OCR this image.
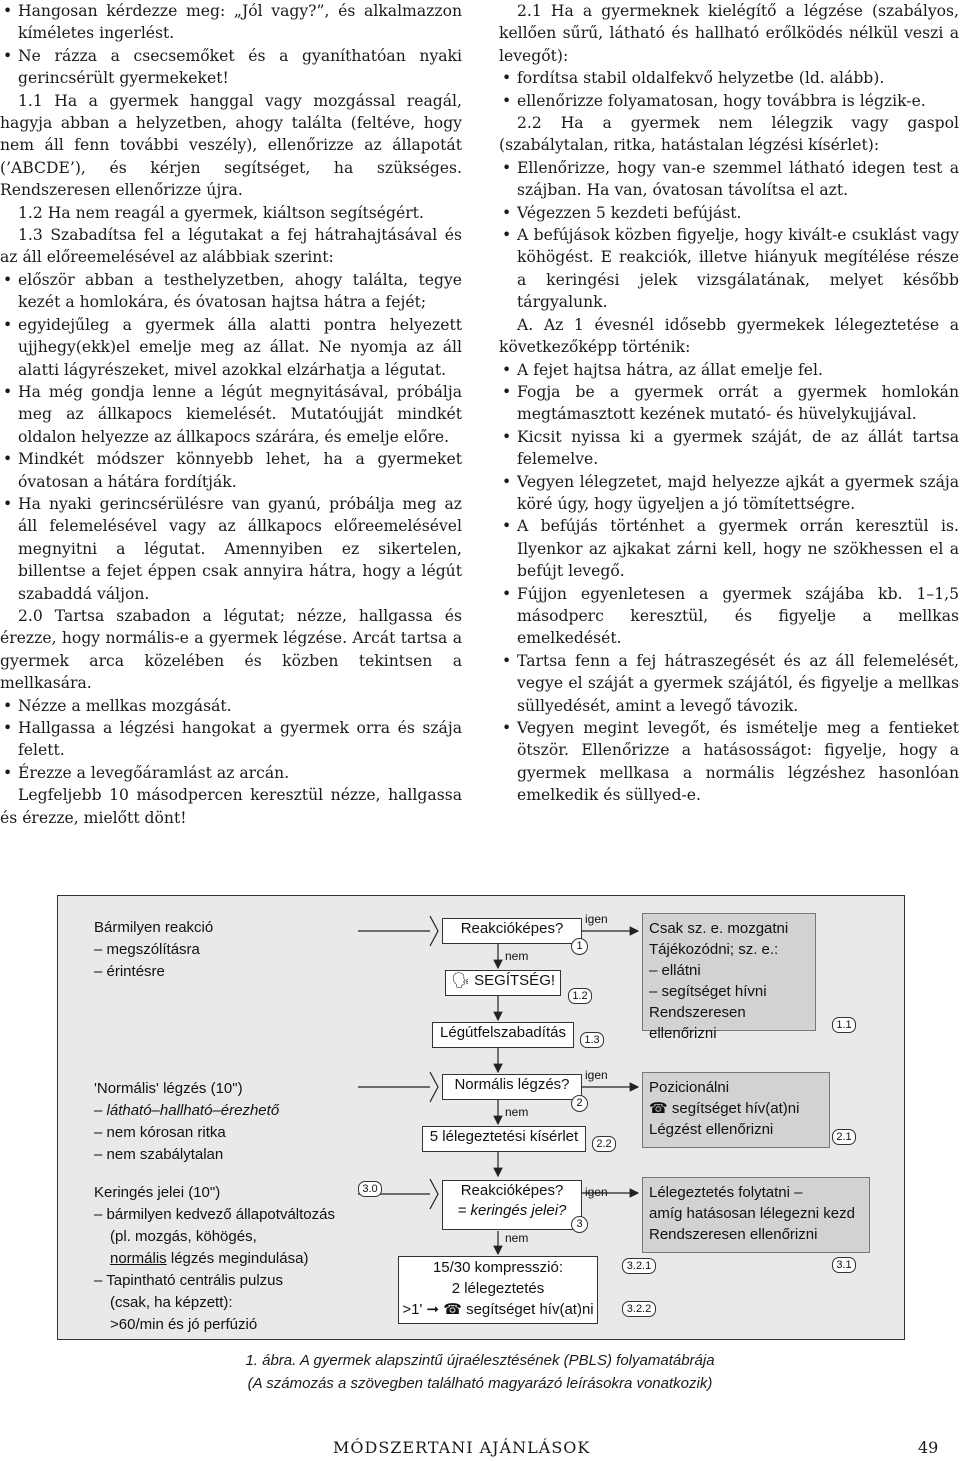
• Hangosan kérdezze meg: „Jól vagy?”, és alkalmazzon kíméletes ingerlést.

• Ne rázza a csecsemőket és a gyaníthatóan nyaki gerincsérült gyermekeket!

1.1 Ha a gyermek hanggal vagy mozgással reagál, hagyja abban a helyzetben, ahogy találta (feltéve, hogy nem áll fenn további veszély), ellenőrizze az állapotát (’ABCDE’), és kérjen segítséget, ha szükséges. Rendszeresen ellenőrizze újra.

1.2 Ha nem reagál a gyermek, kiáltson segítségért.

1.3 Szabadítsa fel a légutakat a fej hátrahajtásával és az áll előreemelésével az alábbiak szerint:

• először abban a testhelyzetben, ahogy találta, tegye kezét a homlokára, és óvatosan hajtsa hátra a fejét;

• egyidejűleg a gyermek álla alatti pontra helyezett ujjhegy(ekk)el emelje meg az állat. Ne nyomja az áll alatti lágyrészeket, mivel azokkal elzárhatja a légutat.

• Ha még gondja lenne a légút megnyitásával, próbálja meg az állkapocs kiemelését. Mutatóujját mindkét oldalon helyezze az állkapocs szárára, és emelje előre.

• Mindkét módszer könnyebb lehet, ha a gyermeket óvatosan a hátára fordítják.

• Ha nyaki gerincsérülésre van gyanú, próbálja meg az áll felemelésével vagy az állkapocs előreemelésével megnyitni a légutat. Amennyiben ez sikertelen, billentse a fejet éppen csak annyira hátra, hogy a légút szabaddá váljon.

2.0 Tartsa szabadon a légutat; nézze, hallgassa és érezze, hogy normális-e a gyermek légzése. Arcát tartsa a gyermek arca közelében és közben tekintsen a mellkasára.

• Nézze a mellkas mozgását.

• Hallgassa a légzési hangokat a gyermek orra és szája felett.

• Érezze a levegőáramlást az arcán.

Legfeljebb 10 másodpercen keresztül nézze, hallgassa és érezze, mielőtt dönt!

2.1 Ha a gyermeknek kielégítő a légzése (szabályos, kellően sűrű, látható és hallható erőlködés nélkül veszi a levegőt):

• fordítsa stabil oldalfekvő helyzetbe (ld. alább).

• ellenőrizze folyamatosan, hogy továbbra is légzik-e.

2.2 Ha a gyermek nem lélegzik vagy gaspol (szabálytalan, ritka, hatástalan légzési kísérlet):

• Ellenőrizze, hogy van-e szemmel látható idegen test a szájban. Ha van, óvatosan távolítsa el azt.

• Végezzen 5 kezdeti befújást.

• A befújások közben figyelje, hogy kivált-e csuklást vagy köhögést. E reakciók, illetve hiányuk megítélése része a keringési jelek vizsgálatának, melyet később tárgyalunk.

A. Az 1 évesnél idősebb gyermekek lélegeztetése a következőképp történik:

• A fejet hajtsa hátra, az állat emelje fel.

• Fogja be a gyermek orrát a gyermek homlokán megtámasztott kezének mutató- és hüvelykujjával.

• Kicsit nyissa ki a gyermek száját, de az állát tartsa felemelve.

• Vegyen lélegzetet, majd helyezze ajkát a gyermek szája köré úgy, hogy ügyeljen a jó tömítettségre.

• A befújás történhet a gyermek orrán keresztül is. Ilyenkor az ajkakat zárni kell, hogy ne szökhessen el a befújt levegő.

• Fújjon egyenletesen a gyermek szájába kb. 1–1,5 másodperc keresztül, és figyelje a mellkas emelkedését.

• Tartsa fenn a fej hátraszegését és az áll felemelését, vegye el száját a gyermek szájától, és figyelje a mellkas süllyedését, amint a levegő távozik.

• Vegyen megint levegőt, és ismételje meg a fentieket ötször. Ellenőrizze a hatásosságot: figyelje, hogy a gyermek mellkasa a normális légzéshez hasonlóan emelkedik és süllyed-e.

Bármilyen reakció
– megszólításra
– érintésre
'Normális' légzés (10")
– látható–hallható–érezhető
– nem kórosan ritka
– nem szabálytalan
Keringés jelei (10")
– bármilyen kedvező állapotváltozás
(pl. mozgás, köhögés,
normális légzés megindulása)
– Tapintható centrális pulzus
(csak, ha képzett):
>60/min és jó perfúzió
3.0
Reakcióképes?
🗣 SEGÍTSÉG!
Légútfelszabadítás
Normális légzés?
5 lélegeztetési kísérlet
Reakcióképes?
= keringés jelei?
15/30 kompresszió:
2 lélegeztetés
>1' ➞ ☎ segítséget hív(at)ni
igen
nem
igen
nem
igen
nem
1
1.2
1.3
2
2.2
3
3.2.1
3.2.2
Csak sz. e. mozgatni
Tájékozódni; sz. e.:
– ellátni
– segítséget hívni
Rendszeresen ellenőrizni
1.1
Pozicionálni
☎ segítséget hív(at)ni
Légzést ellenőrizni	2.1
Lélegeztetés folytatni –
amíg hatásosan lélegezni kezd
Rendszeresen ellenőrizni
3.1
1. ábra. A gyermek alapszintű újraélesztésének (PBLS) folyamatábrája
(A számozás a szövegben található magyarázó leírásokra vonatkozik)
MÓDSZERTANI AJÁNLÁSOK	49
